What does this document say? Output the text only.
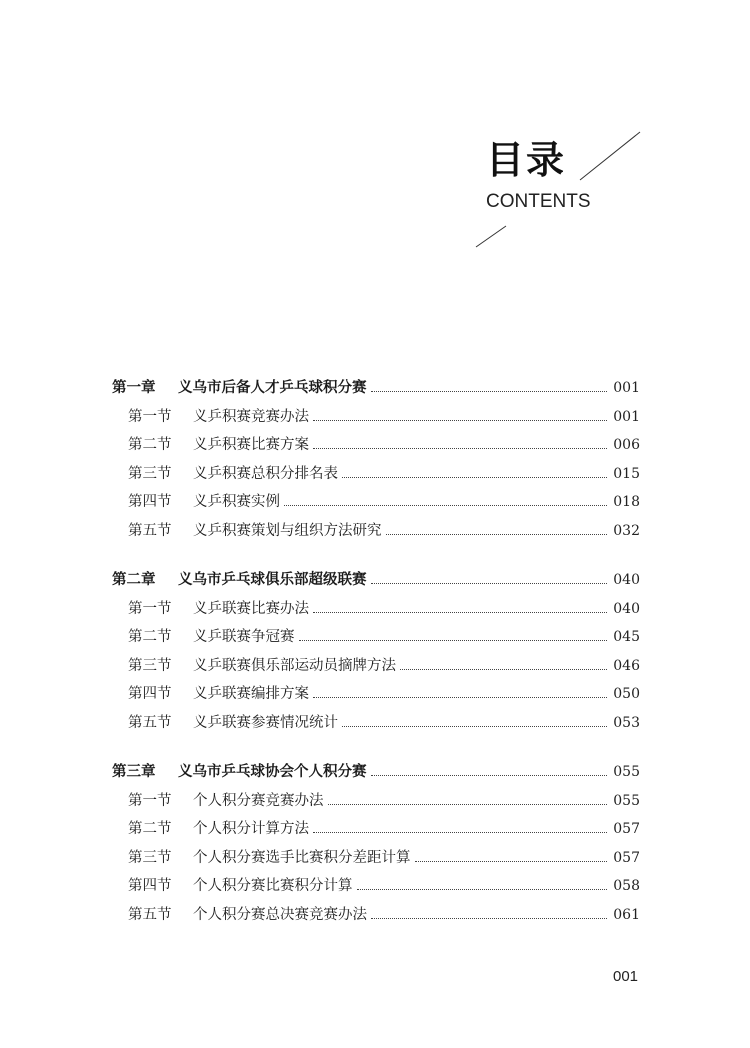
目录
CONTENTS
第一章	义乌市后备人才乒乓球积分赛	001
第一节	义乒积赛竞赛办法	001
第二节	义乒积赛比赛方案	006
第三节	义乒积赛总积分排名表	015
第四节	义乒积赛实例	018
第五节	义乒积赛策划与组织方法研究	032
第二章	义乌市乒乓球俱乐部超级联赛	040
第一节	义乒联赛比赛办法	040
第二节	义乒联赛争冠赛	045
第三节	义乒联赛俱乐部运动员摘牌方法	046
第四节	义乒联赛编排方案	050
第五节	义乒联赛参赛情况统计	053
第三章	义乌市乒乓球协会个人积分赛	055
第一节	个人积分赛竞赛办法	055
第二节	个人积分计算方法	057
第三节	个人积分赛选手比赛积分差距计算	057
第四节	个人积分赛比赛积分计算	058
第五节	个人积分赛总决赛竞赛办法	061
001
